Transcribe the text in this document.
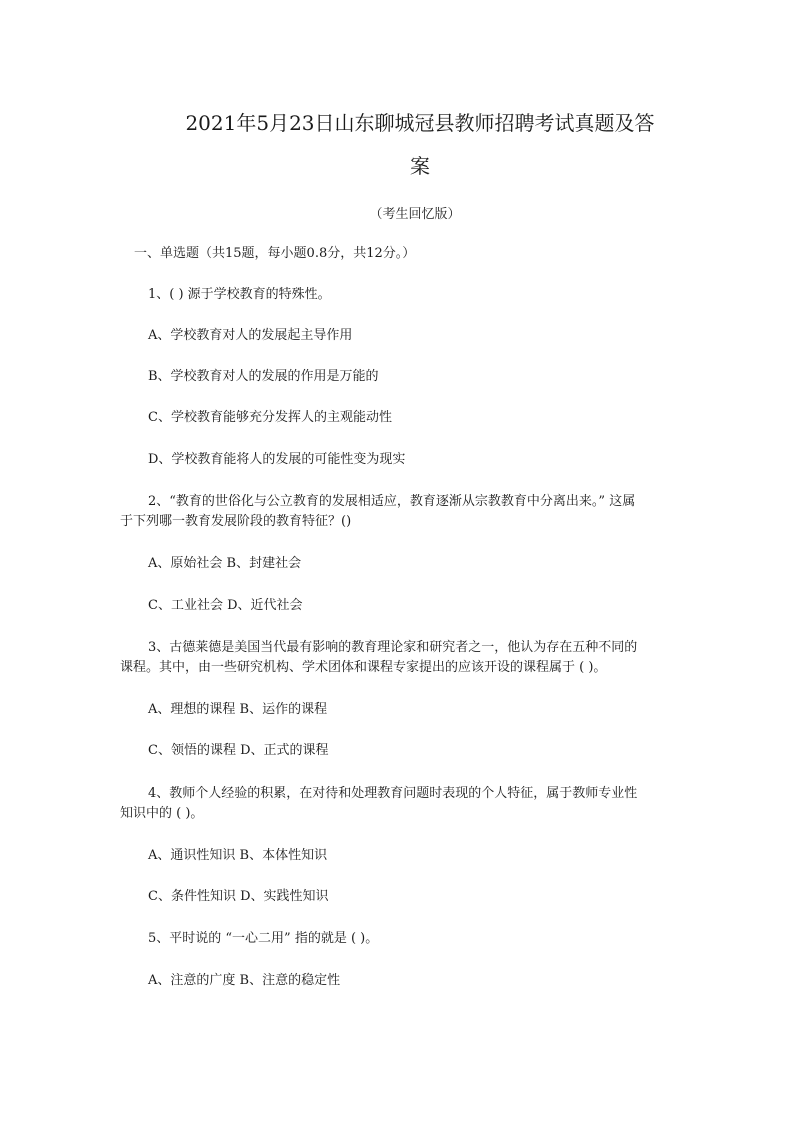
2021年5月23日山东聊城冠县教师招聘考试真题及答
案
（考生回忆版）
一、单选题（共15题，每小题0.8分，共12分。）
1、( ) 源于学校教育的特殊性。
A、学校教育对人的发展起主导作用
B、学校教育对人的发展的作用是万能的
C、学校教育能够充分发挥人的主观能动性
D、学校教育能将人的发展的可能性变为现实
2、“教育的世俗化与公立教育的发展相适应，教育逐渐从宗教教育中分离出来。” 这属
于下列哪一教育发展阶段的教育特征？()
A、原始社会 B、封建社会
C、工业社会 D、近代社会
3、古德莱德是美国当代最有影响的教育理论家和研究者之一，他认为存在五种不同的
课程。其中，由一些研究机构、学术团体和课程专家提出的应该开设的课程属于 ( )。
A、理想的课程 B、运作的课程
C、领悟的课程 D、正式的课程
4、教师个人经验的积累，在对待和处理教育问题时表现的个人特征，属于教师专业性
知识中的 ( )。
A、通识性知识 B、本体性知识
C、条件性知识 D、实践性知识
5、平时说的 “一心二用” 指的就是 ( )。
A、注意的广度 B、注意的稳定性
